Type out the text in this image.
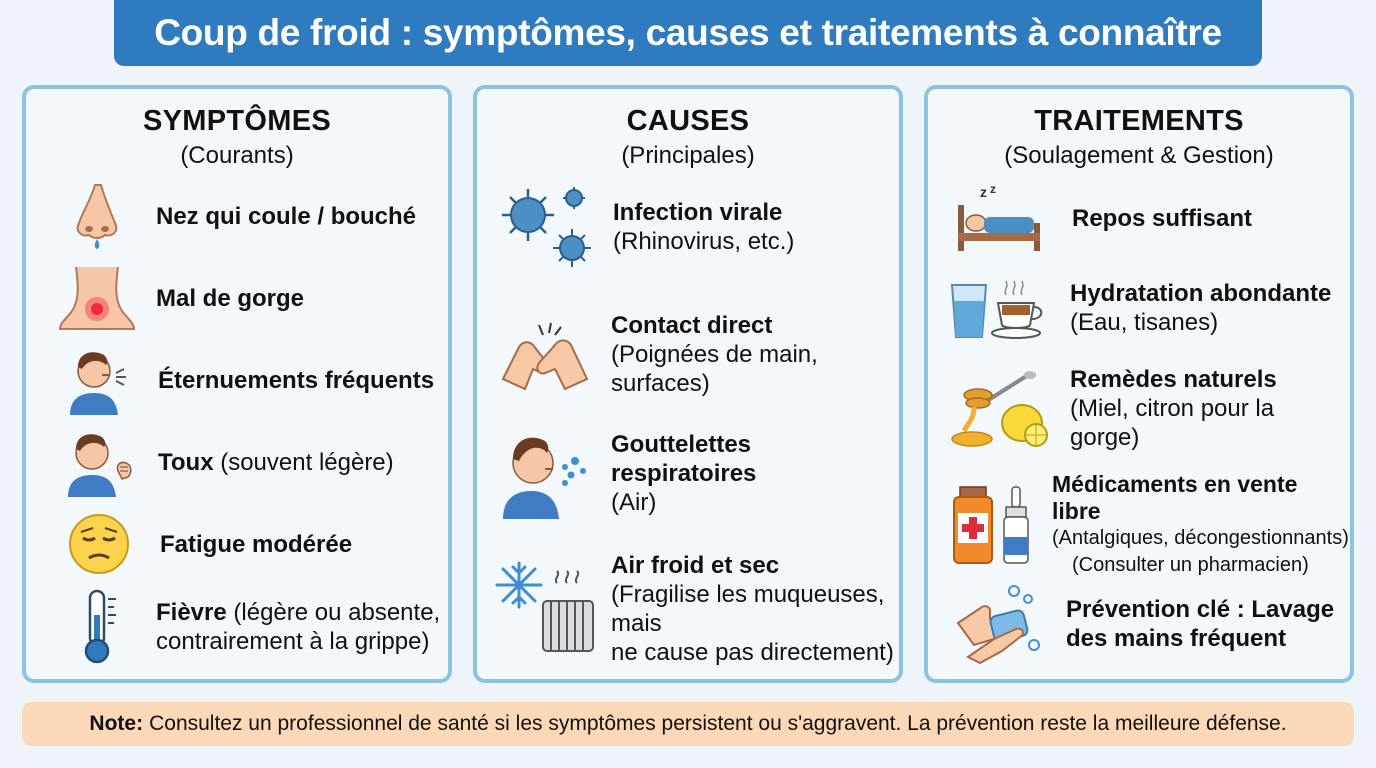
Coup de froid : symptômes, causes et traitements à connaître
SYMPTÔMES
(Courants)
Nez qui coule / bouché
Mal de gorge
Éternuements fréquents
Toux (souvent légère)
Fatigue modérée
Fièvre (légère ou absente,
contrairement à la grippe)
CAUSES
(Principales)
Infection virale
(Rhinovirus, etc.)
Contact direct
(Poignées de main, surfaces)
Gouttelettes respiratoires
(Air)
Air froid et sec
(Fragilise les muqueuses, mais
ne cause pas directement)
TRAITEMENTS
(Soulagement & Gestion)
z z
Repos suffisant
Hydratation abondante
(Eau, tisanes)
Remèdes naturels
(Miel, citron pour la gorge)
Médicaments en vente libre
(Antalgiques, décongestionnants)
(Consulter un pharmacien)
Prévention clé : Lavage
des mains fréquent
Note: Consultez un professionnel de santé si les symptômes persistent ou s'aggravent. La prévention reste la meilleure défense.
